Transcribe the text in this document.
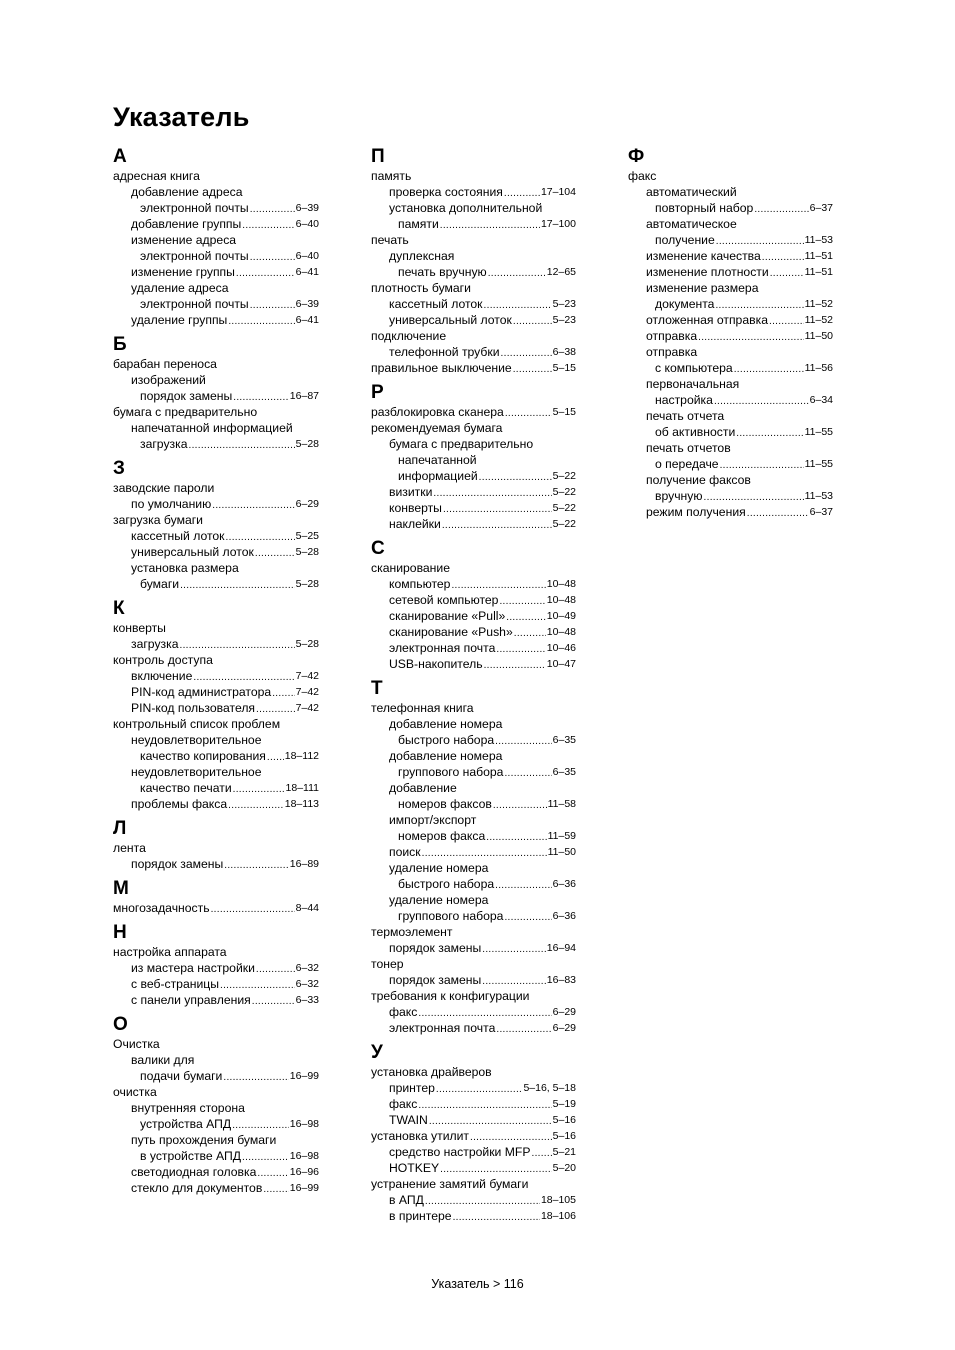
Указатель
А
адресная книга
добавление адреса
электронной почты .....	6–39
добавление группы .....	6–40
изменение адреса
электронной почты .....	6–40
изменение группы .....	6–41
удаление адреса
электронной почты .....	6–39
удаление группы .....	6–41
Б
барабан переноса
изображений
порядок замены .....	16–87
бумага с предварительно
напечатанной информацией
загрузка .....	5–28
З
заводские пароли
по умолчанию .....	6–29
загрузка бумаги
кассетный лоток .....	5–25
универсальный лоток .....	5–28
установка размера
бумаги .....	5–28
К
конверты
загрузка .....	5–28
контроль доступа
включение .....	7–42
PIN-код администратора ..... 7–42
PIN-код пользователя .....	7–42
контрольный список проблем
неудовлетворительное
качество копирования ..... 18–112
неудовлетворительное
качество печати .....	18–111
проблемы факса .....	18–113
Л
лента
порядок замены .....	16–89
М
многозадачность .....	8–44
Н
настройка аппарата
из мастера настройки .....	6–32
с веб-страницы .....	6–32
с панели управления .....	6–33
О
Очистка
валики для
подачи бумаги .....	16–99
очистка
внутренняя сторона
устройства АПД .....	16–98
путь прохождения бумаги
в устройстве АПД .....	16–98
светодиодная головка .....	16–96
стекло для документов .....	16–99
П
память
проверка состояния .....	17–104
установка дополнительной
памяти .....	17–100
печать
дуплексная
печать вручную .....	12–65
плотность бумаги
кассетный лоток .....	5–23
универсальный лоток .....	5–23
подключение
телефонной трубки .....	6–38
правильное выключение .....	5–15
Р
разблокировка сканера .....	5–15
рекомендуемая бумага
бумага с предварительно
напечатанной
информацией .....	5–22
визитки .....	5–22
конверты .....	5–22
наклейки .....	5–22
С
сканирование
компьютер .....	10–48
сетевой компьютер .....	10–48
сканирование «Pull» .....	10–49
сканирование «Push» .....	10–48
электронная почта .....	10–46
USB-накопитель .....	10–47
Т
телефонная книга
добавление номера
быстрого набора .....	6–35
добавление номера
группового набора .....	6–35
добавление
номеров факсов .....	11–58
импорт/экспорт
номеров факса .....	11–59
поиск .....	11–50
удаление номера
быстрого набора .....	6–36
удаление номера
группового набора .....	6–36
термоэлемент
порядок замены .....	16–94
тонер
порядок замены .....	16–83
требования к конфигурации
факс .....	6–29
электронная почта .....	6–29
У
установка драйверов
принтер .....	5–16, 5–18
факс .....	5–19
TWAIN .....	5–16
установка утилит .....	5–16
средство настройки MFP ..... 5–21
HOTKEY .....	5–20
устранение замятий бумаги
в АПД .....	18–105
в принтере .....	18–106
Ф
факс
автоматический
повторный набор .....	6–37
автоматическое
получение .....	11–53
изменение качества .....	11–51
изменение плотности .....	11–51
изменение размера
документа .....	11–52
отложенная отправка .....	11–52
отправка .....	11–50
отправка
с компьютера .....	11–56
первоначальная
настройка .....	6–34
печать отчета
об активности .....	11–55
печать отчетов
о передаче .....	11–55
получение факсов
вручную .....	11–53
режим получения .....	6–37
Указатель > 116
